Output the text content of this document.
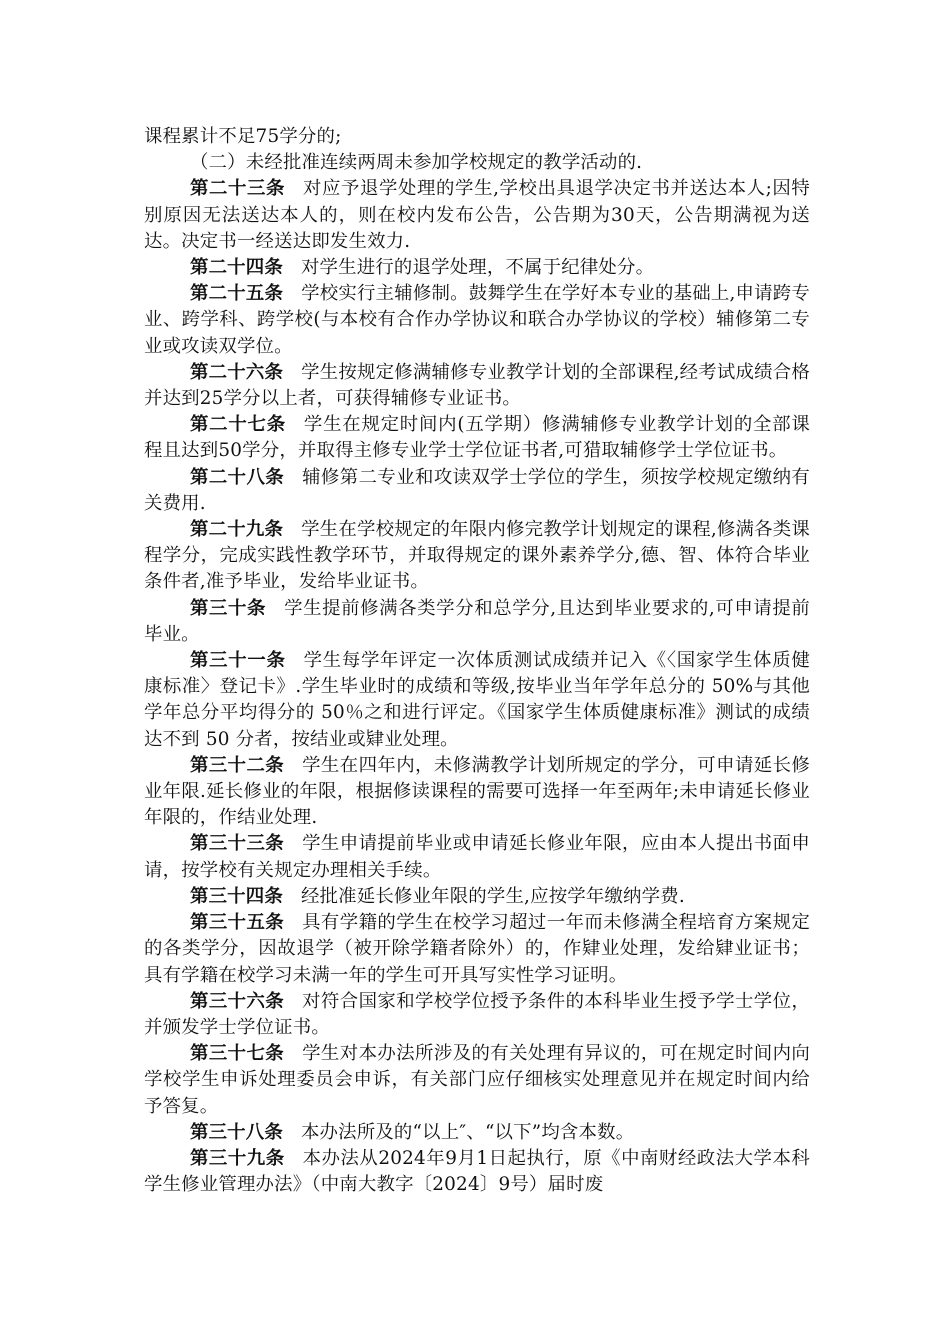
课程累计不足75学分的;

（二）未经批准连续两周未参加学校规定的教学活动的.

第二十三条 对应予退学处理的学生,学校出具退学决定书并送达本人;因特别原因无法送达本人的，则在校内发布公告，公告期为30天，公告期满视为送达。决定书一经送达即发生效力.

第二十四条 对学生进行的退学处理，不属于纪律处分。

第二十五条 学校实行主辅修制。鼓舞学生在学好本专业的基础上,申请跨专业、跨学科、跨学校(与本校有合作办学协议和联合办学协议的学校）辅修第二专业或攻读双学位。

第二十六条 学生按规定修满辅修专业教学计划的全部课程,经考试成绩合格并达到25学分以上者，可获得辅修专业证书。

第二十七条 学生在规定时间内(五学期）修满辅修专业教学计划的全部课程且达到50学分，并取得主修专业学士学位证书者,可猎取辅修学士学位证书。

第二十八条 辅修第二专业和攻读双学士学位的学生，须按学校规定缴纳有关费用.

第二十九条 学生在学校规定的年限内修完教学计划规定的课程,修满各类课程学分，完成实践性教学环节，并取得规定的课外素养学分,德、智、体符合毕业条件者,准予毕业，发给毕业证书。

第三十条 学生提前修满各类学分和总学分,且达到毕业要求的,可申请提前毕业。

第三十一条 学生每学年评定一次体质测试成绩并记入《〈国家学生体质健康标准〉登记卡》.学生毕业时的成绩和等级,按毕业当年学年总分的 50%与其他学年总分平均得分的 50％之和进行评定。《国家学生体质健康标准》测试的成绩达不到 50 分者，按结业或肄业处理。

第三十二条 学生在四年内，未修满教学计划所规定的学分，可申请延长修业年限.延长修业的年限，根据修读课程的需要可选择一年至两年;未申请延长修业年限的，作结业处理.

第三十三条 学生申请提前毕业或申请延长修业年限，应由本人提出书面申请，按学校有关规定办理相关手续。

第三十四条 经批准延长修业年限的学生,应按学年缴纳学费.

第三十五条 具有学籍的学生在校学习超过一年而未修满全程培育方案规定的各类学分，因故退学（被开除学籍者除外）的，作肄业处理，发给肄业证书；具有学籍在校学习未满一年的学生可开具写实性学习证明。

第三十六条 对符合国家和学校学位授予条件的本科毕业生授予学士学位，并颁发学士学位证书。

第三十七条 学生对本办法所涉及的有关处理有异议的，可在规定时间内向学校学生申诉处理委员会申诉，有关部门应仔细核实处理意见并在规定时间内给予答复。

第三十八条 本办法所及的“以上″、“以下”均含本数。

第三十九条 本办法从2024年9月1日起执行，原《中南财经政法大学本科学生修业管理办法》（中南大教字〔2024〕9号）届时废
